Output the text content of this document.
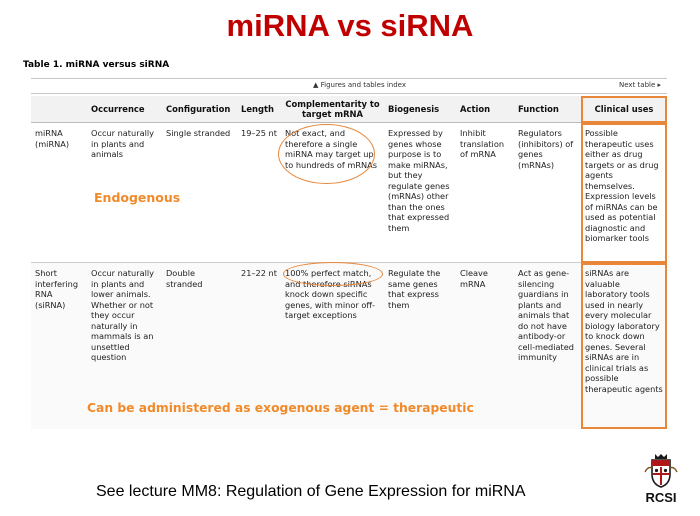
miRNA vs siRNA
Table 1. miRNA versus siRNA
▲ Figures and tables index	Next table ▸
	Occurrence	Configuration	Length	Complementarity to target mRNA	Biogenesis	Action	Function	Clinical uses
miRNA (miRNA)	Occur naturally in plants and animals	Single stranded	19–25 nt	Not exact, and therefore a single miRNA may target up to hundreds of mRNAs	Expressed by genes whose purpose is to make miRNAs, but they regulate genes (mRNAs) other than the ones that expressed them	Inhibit translation of mRNA	Regulators (inhibitors) of genes (mRNAs)	Possible therapeutic uses either as drug targets or as drug agents themselves. Expression levels of miRNAs can be used as potential diagnostic and biomarker tools
Short interfering RNA (siRNA)	Occur naturally in plants and lower animals. Whether or not they occur naturally in mammals is an unsettled question	Double stranded	21–22 nt	100% perfect match, and therefore siRNAs knock down specific genes, with minor off-target exceptions	Regulate the same genes that express them	Cleave mRNA	Act as gene-silencing guardians in plants and animals that do not have antibody-or cell-mediated immunity	siRNAs are valuable laboratory tools used in nearly every molecular biology laboratory to knock down genes. Several siRNAs are in clinical trials as possible therapeutic agents
Endogenous
Can be administered as exogenous agent = therapeutic
See lecture MM8: Regulation of Gene Expression for miRNA	RCSI
